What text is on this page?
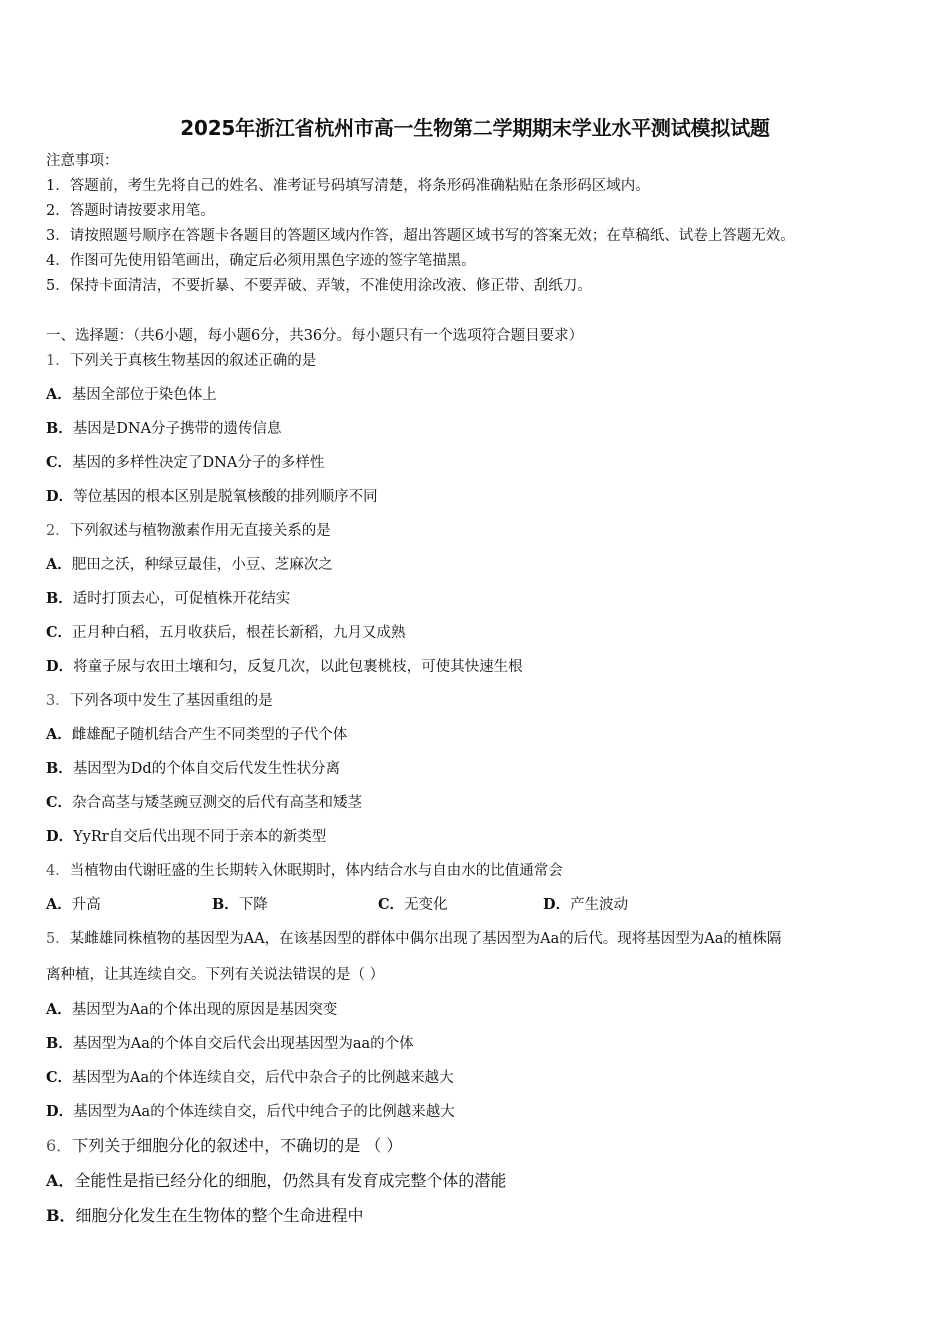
2025年浙江省杭州市高一生物第二学期期末学业水平测试模拟试题
注意事项：
1．答题前，考生先将自己的姓名、准考证号码填写清楚，将条形码准确粘贴在条形码区域内。
2．答题时请按要求用笔。
3．请按照题号顺序在答题卡各题目的答题区域内作答，超出答题区域书写的答案无效；在草稿纸、试卷上答题无效。
4．作图可先使用铅笔画出，确定后必须用黑色字迹的签字笔描黑。
5．保持卡面清洁，不要折暴、不要弄破、弄皱，不准使用涂改液、修正带、刮纸刀。
一、选择题：（共6小题，每小题6分，共36分。每小题只有一个选项符合题目要求）
1．下列关于真核生物基因的叙述正确的是
A．基因全部位于染色体上
B．基因是DNA分子携带的遗传信息
C．基因的多样性决定了DNA分子的多样性
D．等位基因的根本区别是脱氧核酸的排列顺序不同
2．下列叙述与植物激素作用无直接关系的是
A．肥田之沃，种绿豆最佳，小豆、芝麻次之
B．适时打顶去心，可促植株开花结实
C．正月种白稻，五月收获后，根茬长新稻，九月又成熟
D．将童子尿与农田土壤和匀，反复几次，以此包裹桃枝，可使其快速生根
3．下列各项中发生了基因重组的是
A．雌雄配子随机结合产生不同类型的子代个体
B．基因型为Dd的个体自交后代发生性状分离
C．杂合高茎与矮茎豌豆测交的后代有高茎和矮茎
D．YyRr自交后代出现不同于亲本的新类型
4．当植物由代谢旺盛的生长期转入休眠期时，体内结合水与自由水的比值通常会
A．升高	B．下降	C．无变化	D．产生波动
5．某雌雄同株植物的基因型为AA，在该基因型的群体中偶尔出现了基因型为Aa的后代。现将基因型为Aa的植株隔
离种植，让其连续自交。下列有关说法错误的是（ ）
A．基因型为Aa的个体出现的原因是基因突变
B．基因型为Aa的个体自交后代会出现基因型为aa的个体
C．基因型为Aa的个体连续自交，后代中杂合子的比例越来越大
D．基因型为Aa的个体连续自交，后代中纯合子的比例越来越大
6．下列关于细胞分化的叙述中，不确切的是 （ ）
A．全能性是指已经分化的细胞，仍然具有发育成完整个体的潜能
B．细胞分化发生在生物体的整个生命进程中
